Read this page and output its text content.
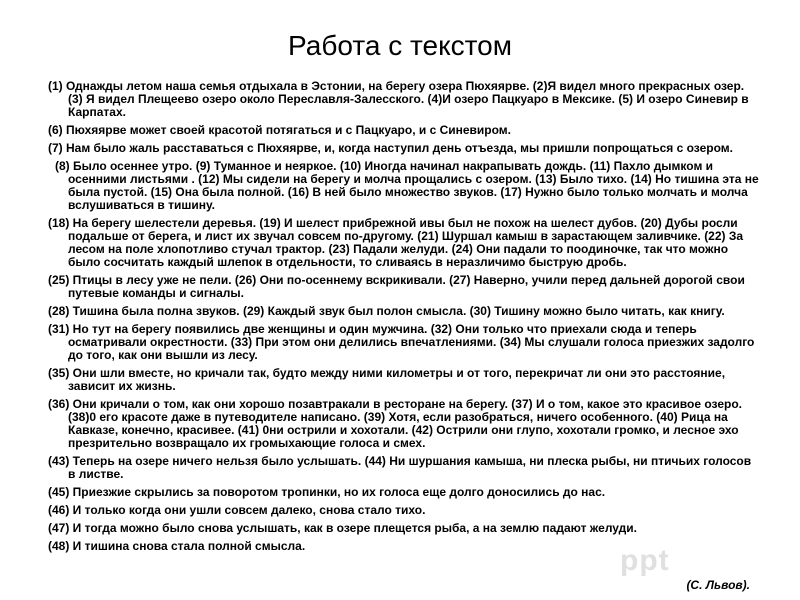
Работа с текстом

(1) Однажды летом наша семья отдыхала в Эстонии, на берегу озера Пюхяярве. (2)Я видел много прекрасных озер. (3) Я видел Плещеево озеро около Переславля-Залесского. (4)И озеро Пацкуаро в Мексике. (5) И озеро Синевир в Карпатах.

(6) Пюхяярве может своей красотой потягаться и с Пацкуаро, и с Синевиром.

(7) Нам было жаль расставаться с Пюхяярве, и, когда наступил день отъезда, мы пришли попрощаться с озером.

(8) Было осеннее утро. (9) Туманное и неяркое. (10) Иногда начинал накрапывать дождь. (11) Пахло дымком и осенними листьями . (12) Мы сидели на берегу и молча прощались с озером. (13) Было тихо. (14) Но тишина эта не была пустой. (15) Она была полной. (16) В ней было множество звуков. (17) Нужно было только молчать и молча вслушиваться в тишину.

(18) На берегу шелестели деревья. (19) И шелест прибрежной ивы был не похож на шелест дубов. (20) Дубы росли подальше от берега, и лист их звучал совсем по-другому. (21) Шуршал камыш в зарастающем заливчике. (22) За лесом на поле хлопотливо стучал трактор. (23) Падали желуди. (24) Они падали то поодиночке, так что можно было сосчитать каждый шлепок в отдельности, то сливаясь в неразличимо быструю дробь.

(25) Птицы в лесу уже не пели. (26) Они по-осеннему вскрикивали. (27) Наверно, учили перед дальней дорогой свои путевые команды и сигналы.

(28) Тишина была полна звуков. (29) Каждый звук был полон смысла. (30) Тишину можно было читать, как книгу.

(31) Но тут на берегу появились две женщины и один мужчина. (32) Они только что приехали сюда и теперь осматривали окрестности. (33) При этом они делились впечатлениями. (34) Мы слушали голоса приезжих задолго до того, как они вышли из лесу.

(35) Они шли вместе, но кричали так, будто между ними километры и от того, перекричат ли они это расстояние, зависит их жизнь.

(36) Они кричали о том, как они хорошо позавтракали в ресторане на берегу. (37) И о том, какое это красивое озеро. (38)0 его красоте даже в путеводителе написано. (39) Хотя, если разобраться, ничего особенного. (40) Рица на Кавказе, конечно, красивее. (41) 0ни острили и хохотали. (42) Острили они глупо, хохотали громко, и лесное эхо презрительно возвращало их громыхающие голоса и смех.

(43) Теперь на озере ничего нельзя было услышать. (44) Ни шуршания камыша, ни плеска рыбы, ни птичьих голосов в листве.

(45) Приезжие скрылись за поворотом тропинки, но их голоса еще долго доносились до нас.

(46) И только когда они ушли совсем далеко, снова стало тихо.

(47) И тогда можно было снова услышать, как в озере плещется рыба, а на землю падают желуди.

(48) И тишина снова стала полной смысла.	ppt
(С. Львов).
